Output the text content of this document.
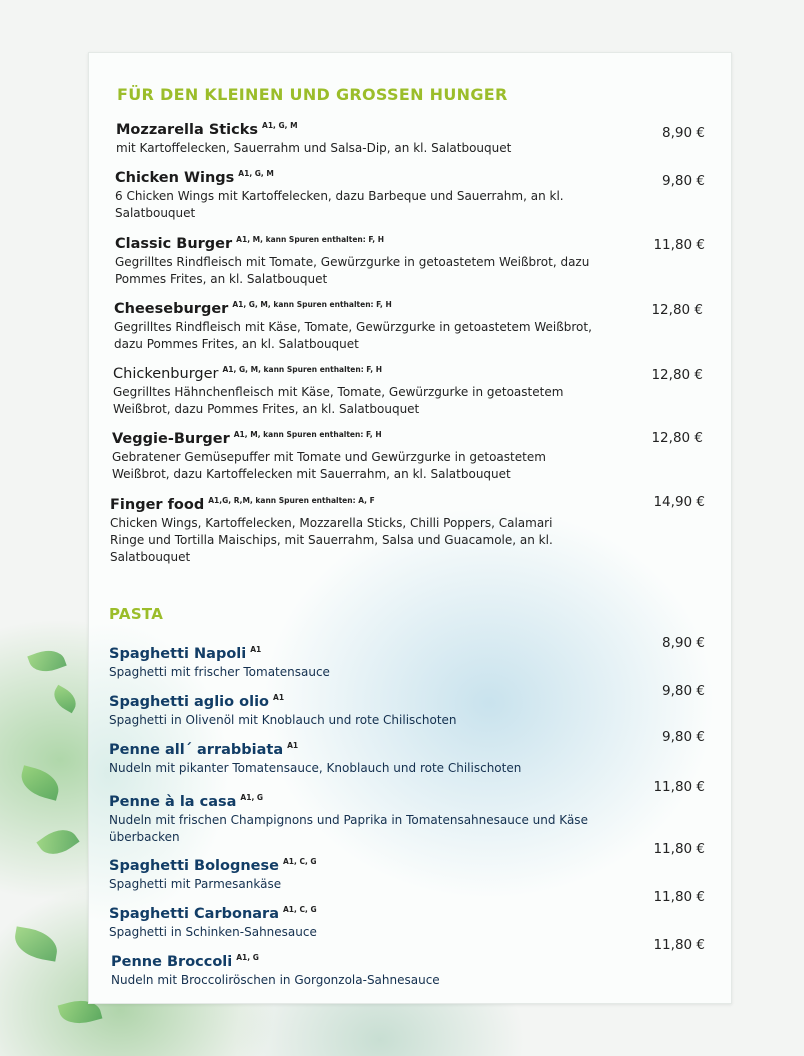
FÜR DEN KLEINEN UND GROSSEN HUNGER
Mozzarella Sticks $^{A1, G, M}$
mit Kartoffelecken, Sauerrahm und Salsa-Dip, an kl. Salatbouquet
8,90 €
Chicken Wings $^{A1, G, M}$
6 Chicken Wings mit Kartoffelecken, dazu Barbeque und Sauerrahm, an kl. Salatbouquet
9,80 €
Classic Burger $^{A1, M, kann Spuren enthalten: F, H}$
Gegrilltes Rindfleisch mit Tomate, Gewürzgurke in getoastetem Weißbrot, dazu Pommes Frites, an kl. Salatbouquet
11,80 €
Cheeseburger $^{A1, G, M, kann Spuren enthalten: F, H}$
Gegrilltes Rindfleisch mit Käse, Tomate, Gewürzgurke in getoastetem Weißbrot, dazu Pommes Frites, an kl. Salatbouquet
12,80 €
Chickenburger $^{A1, G, M, kann Spuren enthalten: F, H}$
Gegrilltes Hähnchenfleisch mit Käse, Tomate, Gewürzgurke in getoastetem Weißbrot, dazu Pommes Frites, an kl. Salatbouquet
12,80 €
Veggie-Burger $^{A1, M, kann Spuren enthalten: F, H}$
Gebratener Gemüsepuffer mit Tomate und Gewürzgurke in getoastetem Weißbrot, dazu Kartoffelecken mit Sauerrahm, an kl. Salatbouquet
12,80 €
Finger food $^{A1,G, R,M, kann Spuren enthalten: A, F}$
Chicken Wings, Kartoffelecken, Mozzarella Sticks, Chilli Poppers, Calamari Ringe und Tortilla Maischips, mit Sauerrahm, Salsa und Guacamole, an kl. Salatbouquet
14,90 €
PASTA
Spaghetti Napoli $^{A1}$
Spaghetti mit frischer Tomatensauce
8,90 €
Spaghetti aglio olio $^{A1}$
Spaghetti in Olivenöl mit Knoblauch und rote Chilischoten
9,80 €
Penne all´ arrabbiata $^{A1}$
Nudeln mit pikanter Tomatensauce, Knoblauch und rote Chilischoten
9,80 €
Penne à la casa $^{A1, G}$
Nudeln mit frischen Champignons und Paprika in Tomatensahnesauce und Käse überbacken
11,80 €
Spaghetti Bolognese $^{A1, C, G}$
Spaghetti mit Parmesankäse
11,80 €
Spaghetti Carbonara $^{A1, C, G}$
Spaghetti in Schinken-Sahnesauce
11,80 €
Penne Broccoli $^{A1, G}$
Nudeln mit Broccoliröschen in Gorgonzola-Sahnesauce
11,80 €
